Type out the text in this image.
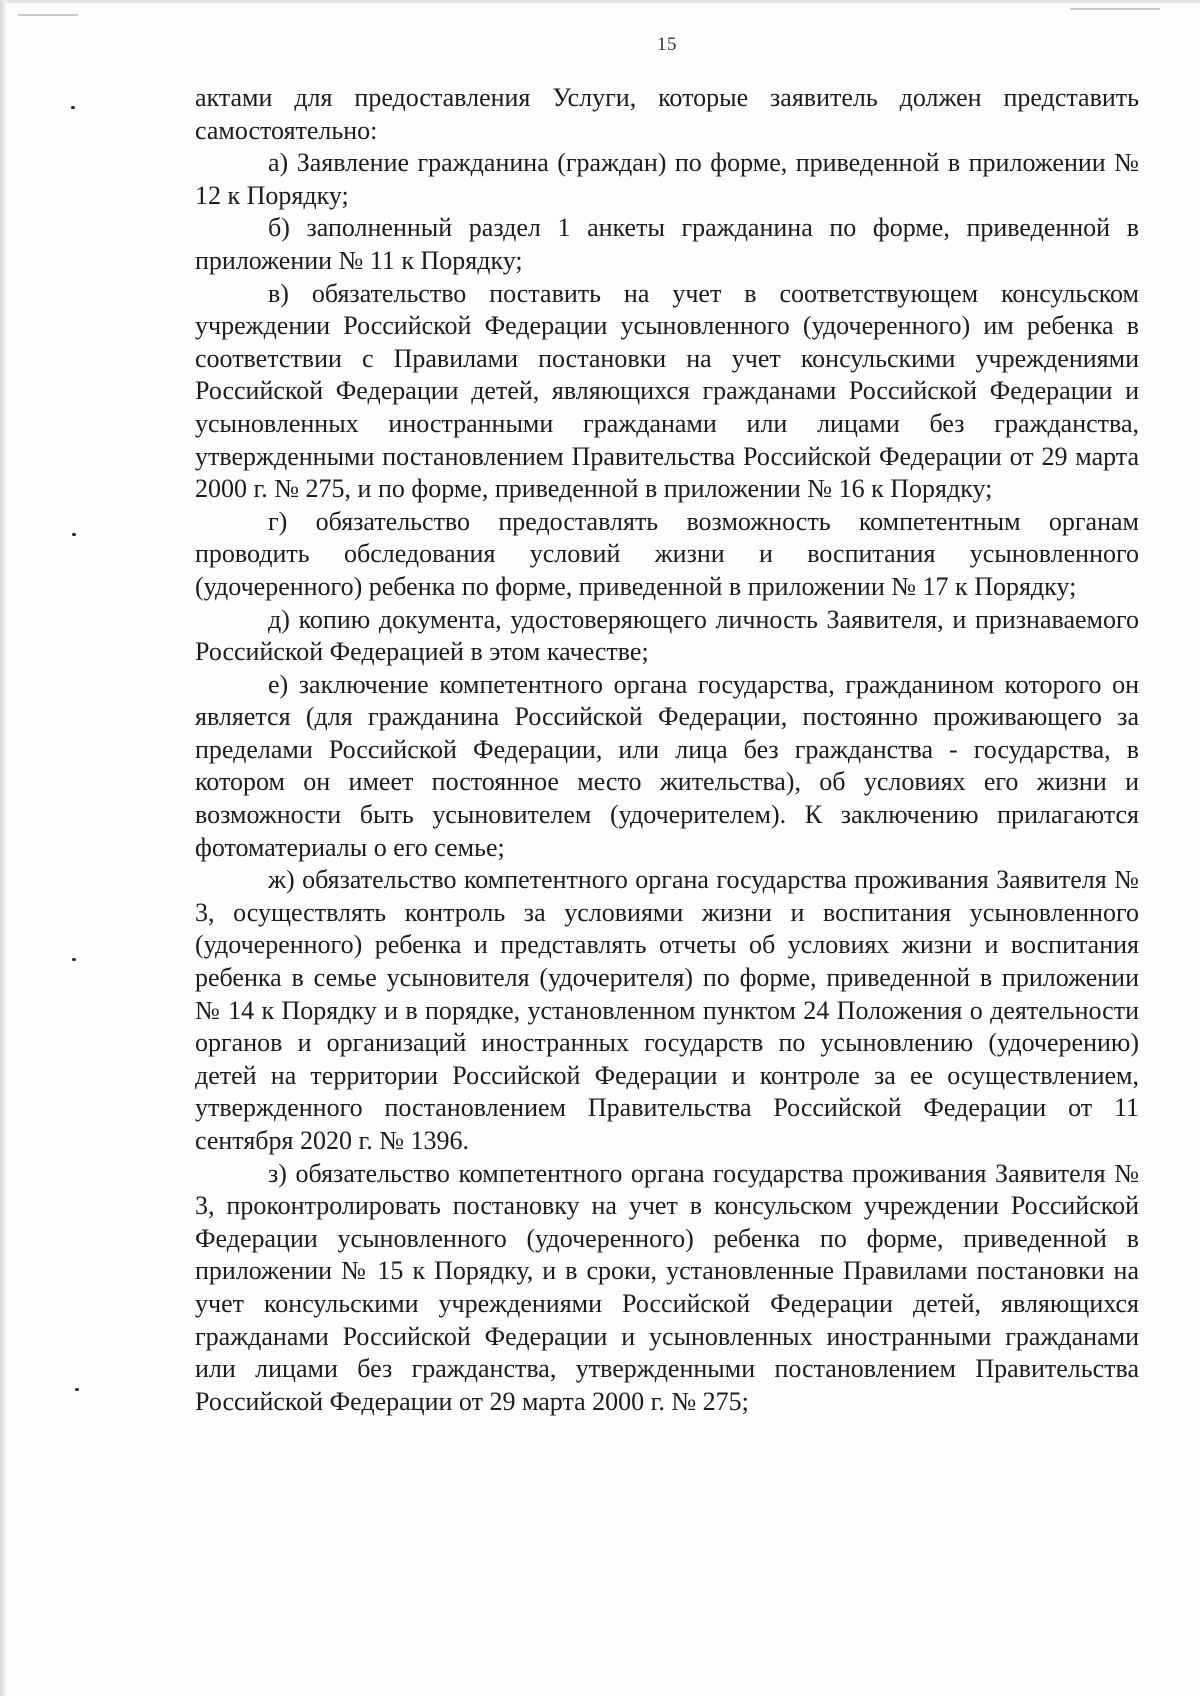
15

актами для предоставления Услуги, которые заявитель должен представить самостоятельно:

а) Заявление гражданина (граждан) по форме, приведенной в приложении № 12 к Порядку;

б) заполненный раздел 1 анкеты гражданина по форме, приведенной в приложении № 11 к Порядку;

в) обязательство поставить на учет в соответствующем консульском учреждении Российской Федерации усыновленного (удочеренного) им ребенка в соответствии с Правилами постановки на учет консульскими учреждениями Российской Федерации детей, являющихся гражданами Российской Федерации и усыновленных иностранными гражданами или лицами без гражданства, утвержденными постановлением Правительства Российской Федерации от 29 марта 2000 г. № 275, и по форме, приведенной в приложении № 16 к Порядку;

г) обязательство предоставлять возможность компетентным органам проводить обследования условий жизни и воспитания усыновленного (удочеренного) ребенка по форме, приведенной в приложении № 17 к Порядку;

д) копию документа, удостоверяющего личность Заявителя, и признаваемого Российской Федерацией в этом качестве;

е) заключение компетентного органа государства, гражданином которого он является (для гражданина Российской Федерации, постоянно проживающего за пределами Российской Федерации, или лица без гражданства - государства, в котором он имеет постоянное место жительства), об условиях его жизни и возможности быть усыновителем (удочерителем). К заключению прилагаются фотоматериалы о его семье;

ж) обязательство компетентного органа государства проживания Заявителя № 3, осуществлять контроль за условиями жизни и воспитания усыновленного (удочеренного) ребенка и представлять отчеты об условиях жизни и воспитания ребенка в семье усыновителя (удочерителя) по форме, приведенной в приложении № 14 к Порядку и в порядке, установленном пунктом 24 Положения о деятельности органов и организаций иностранных государств по усыновлению (удочерению) детей на территории Российской Федерации и контроле за ее осуществлением, утвержденного постановлением Правительства Российской Федерации от 11 сентября 2020 г. № 1396.

з) обязательство компетентного органа государства проживания Заявителя № 3, проконтролировать постановку на учет в консульском учреждении Российской Федерации усыновленного (удочеренного) ребенка по форме, приведенной в приложении № 15 к Порядку, и в сроки, установленные Правилами постановки на учет консульскими учреждениями Российской Федерации детей, являющихся гражданами Российской Федерации и усыновленных иностранными гражданами или лицами без гражданства, утвержденными постановлением Правительства Российской Федерации от 29 марта 2000 г. № 275;
